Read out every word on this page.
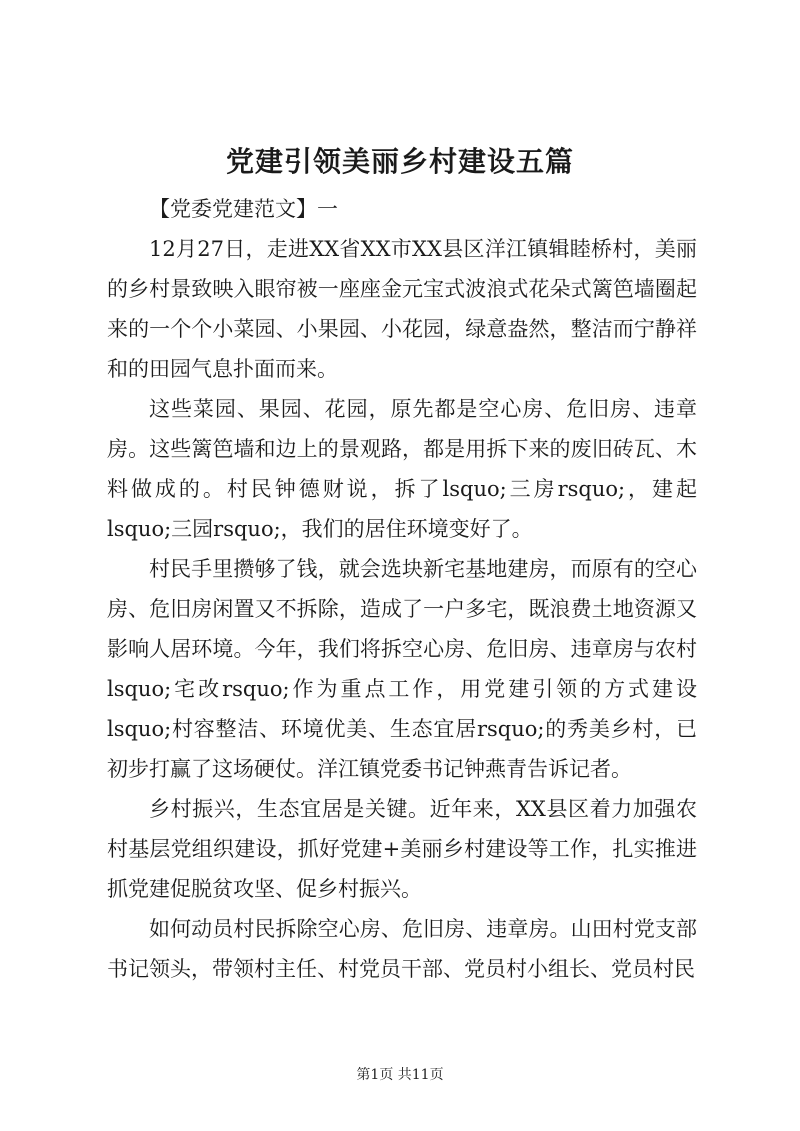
党建引领美丽乡村建设五篇

【党委党建范文】一

12月27日，走进XX省XX市XX县区洋江镇辑睦桥村，美丽的乡村景致映入眼帘被一座座金元宝式波浪式花朵式篱笆墙圈起来的一个个小菜园、小果园、小花园，绿意盎然，整洁而宁静祥和的田园气息扑面而来。

这些菜园、果园、花园，原先都是空心房、危旧房、违章房。这些篱笆墙和边上的景观路，都是用拆下来的废旧砖瓦、木料做成的。村民钟德财说，拆了lsquo;三房rsquo;，建起lsquo;三园rsquo;，我们的居住环境变好了。

村民手里攒够了钱，就会选块新宅基地建房，而原有的空心房、危旧房闲置又不拆除，造成了一户多宅，既浪费土地资源又影响人居环境。今年，我们将拆空心房、危旧房、违章房与农村lsquo;宅改rsquo;作为重点工作，用党建引领的方式建设lsquo;村容整洁、环境优美、生态宜居rsquo;的秀美乡村，已初步打赢了这场硬仗。洋江镇党委书记钟燕青告诉记者。

乡村振兴，生态宜居是关键。近年来，XX县区着力加强农村基层党组织建设，抓好党建+美丽乡村建设等工作，扎实推进抓党建促脱贫攻坚、促乡村振兴。

如何动员村民拆除空心房、危旧房、违章房。山田村党支部书记领头，带领村主任、村党员干部、党员村小组长、党员村民

第1页 共11页
